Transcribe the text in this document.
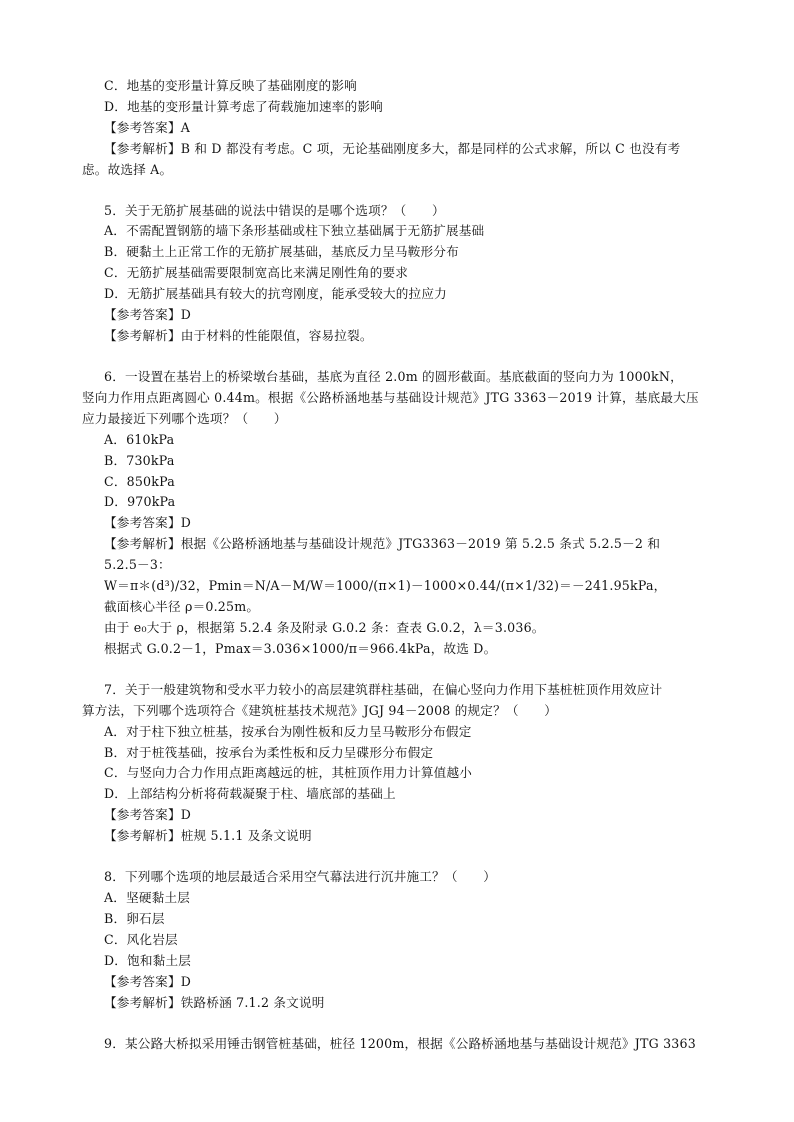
C．地基的变形量计算反映了基础刚度的影响
D．地基的变形量计算考虑了荷载施加速率的影响
【参考答案】A
【参考解析】B 和 D 都没有考虑。C 项，无论基础刚度多大，都是同样的公式求解，所以 C 也没有考
虑。故选择 A。
5．关于无筋扩展基础的说法中错误的是哪个选项？（　　）
A．不需配置钢筋的墙下条形基础或柱下独立基础属于无筋扩展基础
B．硬黏土上正常工作的无筋扩展基础，基底反力呈马鞍形分布
C．无筋扩展基础需要限制宽高比来满足刚性角的要求
D．无筋扩展基础具有较大的抗弯刚度，能承受较大的拉应力
【参考答案】D
【参考解析】由于材料的性能限值，容易拉裂。
6．一设置在基岩上的桥梁墩台基础，基底为直径 2.0m 的圆形截面。基底截面的竖向力为 1000kN，
竖向力作用点距离圆心 0.44m。根据《公路桥涵地基与基础设计规范》JTG 3363－2019 计算，基底最大压
应力最接近下列哪个选项？（　　）
A．610kPa
B．730kPa
C．850kPa
D．970kPa
【参考答案】D
【参考解析】根据《公路桥涵地基与基础设计规范》JTG3363－2019 第 5.2.5 条式 5.2.5－2 和
5.2.5－3：
W＝π＊(d³)/32，Pmin＝N/A－M/W＝1000/(π×1)－1000×0.44/(π×1/32)＝－241.95kPa，
截面核心半径 ρ＝0.25m。
由于 e₀大于 ρ，根据第 5.2.4 条及附录 G.0.2 条：查表 G.0.2，λ＝3.036。
根据式 G.0.2－1，Pmax＝3.036×1000/π＝966.4kPa，故选 D。
7．关于一般建筑物和受水平力较小的高层建筑群柱基础，在偏心竖向力作用下基桩桩顶作用效应计
算方法，下列哪个选项符合《建筑桩基技术规范》JGJ 94－2008 的规定？（　　）
A．对于柱下独立桩基，按承台为刚性板和反力呈马鞍形分布假定
B．对于桩筏基础，按承台为柔性板和反力呈碟形分布假定
C．与竖向力合力作用点距离越远的桩，其桩顶作用力计算值越小
D．上部结构分析将荷载凝聚于柱、墙底部的基础上
【参考答案】D
【参考解析】桩规 5.1.1 及条文说明
8．下列哪个选项的地层最适合采用空气幕法进行沉井施工？（　　）
A．坚硬黏土层
B．卵石层
C．风化岩层
D．饱和黏土层
【参考答案】D
【参考解析】铁路桥涵 7.1.2 条文说明
9．某公路大桥拟采用锤击钢管桩基础，桩径 1200m，根据《公路桥涵地基与基础设计规范》JTG 3363
